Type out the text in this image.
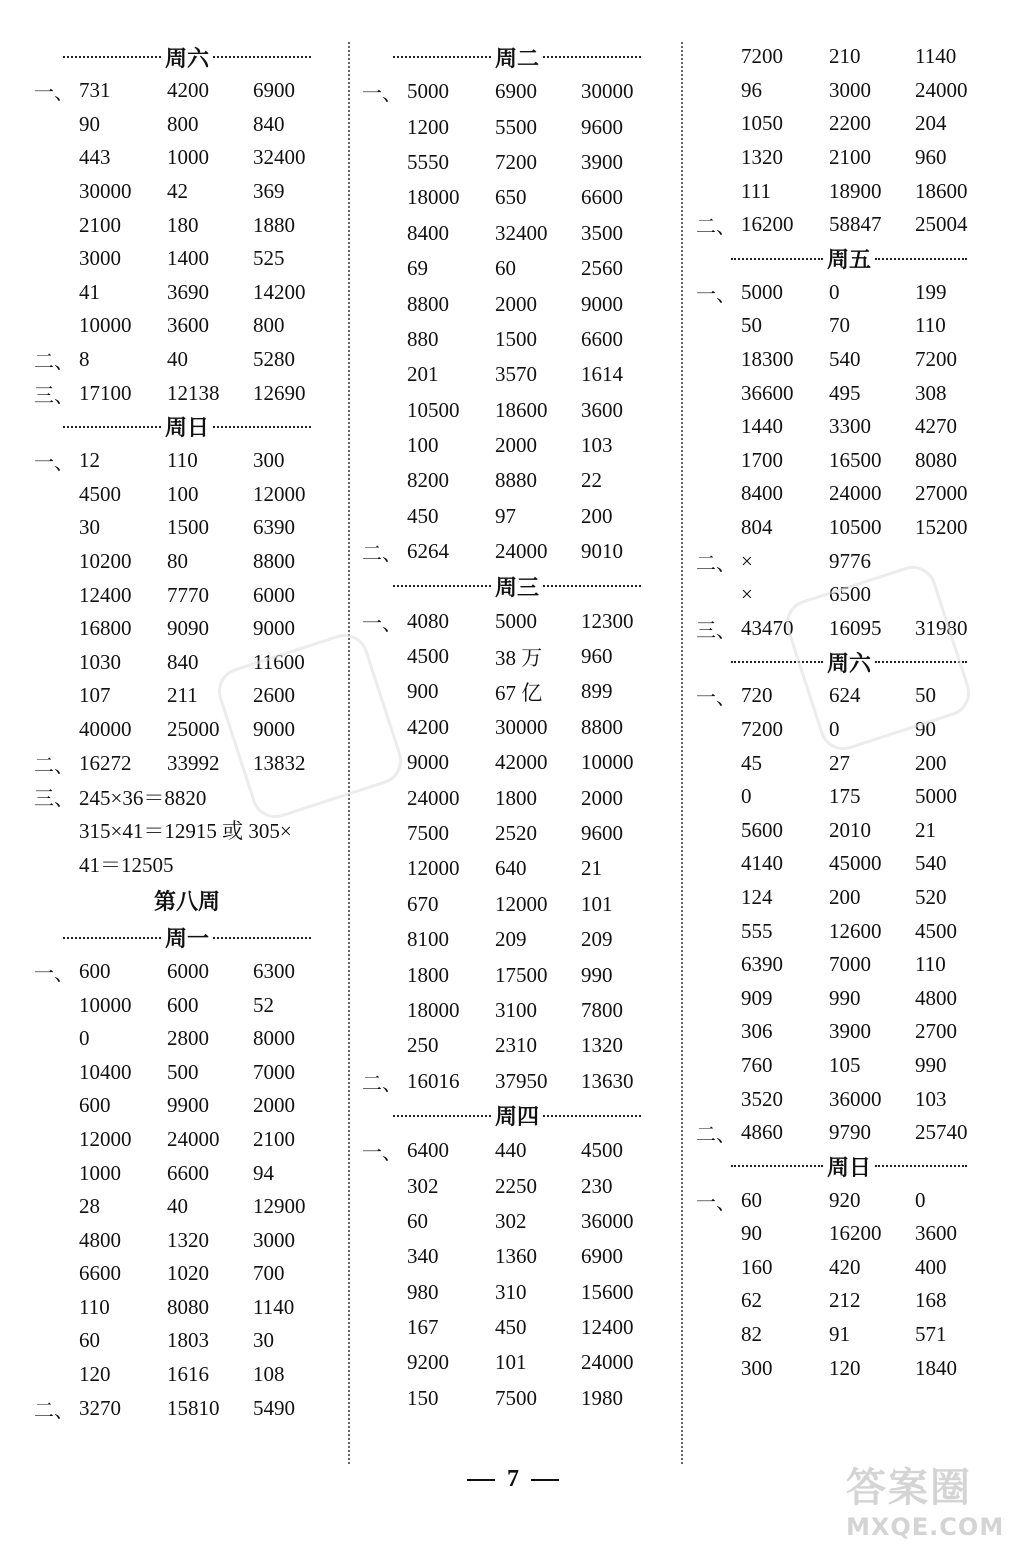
周六
一、 731	4200	6900
90	800	840
443	1000	32400
30000	42	369
2100	180	1880
3000	1400	525
41	3690	14200
10000	3600	800
二、 8	40	5280
三、 17100	12138	12690
周日
一、 12	110	300
4500	100	12000
30	1500	6390
10200	80	8800
12400	7770	6000
16800	9090	9000
1030	840	11600
107	211	2600
40000	25000	9000
二、 16272	33992	13832
三、 245×36＝8820
315×41＝12915 或 305×
41＝12505
第八周
周一
一、 600	6000	6300
10000	600	52
0	2800	8000
10400	500	7000
600	9900	2000
12000	24000	2100
1000	6600	94
28	40	12900
4800	1320	3000
6600	1020	700
110	8080	1140
60	1803	30
120	1616	108
二、 3270	15810	5490
周二
一、 5000	6900	30000
1200	5500	9600
5550	7200	3900
18000	650	6600
8400	32400	3500
69	60	2560
8800	2000	9000
880	1500	6600
201	3570	1614
10500	18600	3600
100	2000	103
8200	8880	22
450	97	200
二、 6264	24000	9010
周三
一、 4080	5000	12300
4500	38 万	960
900	67 亿	899
4200	30000	8800
9000	42000	10000
24000	1800	2000
7500	2520	9600
12000	640	21
670	12000	101
8100	209	209
1800	17500	990
18000	3100	7800
250	2310	1320
二、 16016	37950	13630
周四
一、 6400	440	4500
302	2250	230
60	302	36000
340	1360	6900
980	310	15600
167	450	12400
9200	101	24000
150	7500	1980
7200	210	1140
96	3000	24000
1050	2200	204
1320	2100	960
111	18900	18600
二、 16200	58847	25004
周五
一、 5000	0	199
50	70	110
18300	540	7200
36600	495	308
1440	3300	4270
1700	16500	8080
8400	24000	27000
804	10500	15200
二、 ×	9776
×	6500
三、 43470	16095	31980
周六
一、 720	624	50
7200	0	90
45	27	200
0	175	5000
5600	2010	21
4140	45000	540
124	200	520
555	12600	4500
6390	7000	110
909	990	4800
306	3900	2700
760	105	990
3520	36000	103
二、 4860	9790	25740
周日
一、 60	920	0
90	16200	3600
160	420	400
62	212	168
82	91	571
300	120	1840
7	答案圈
MXQE.COM
